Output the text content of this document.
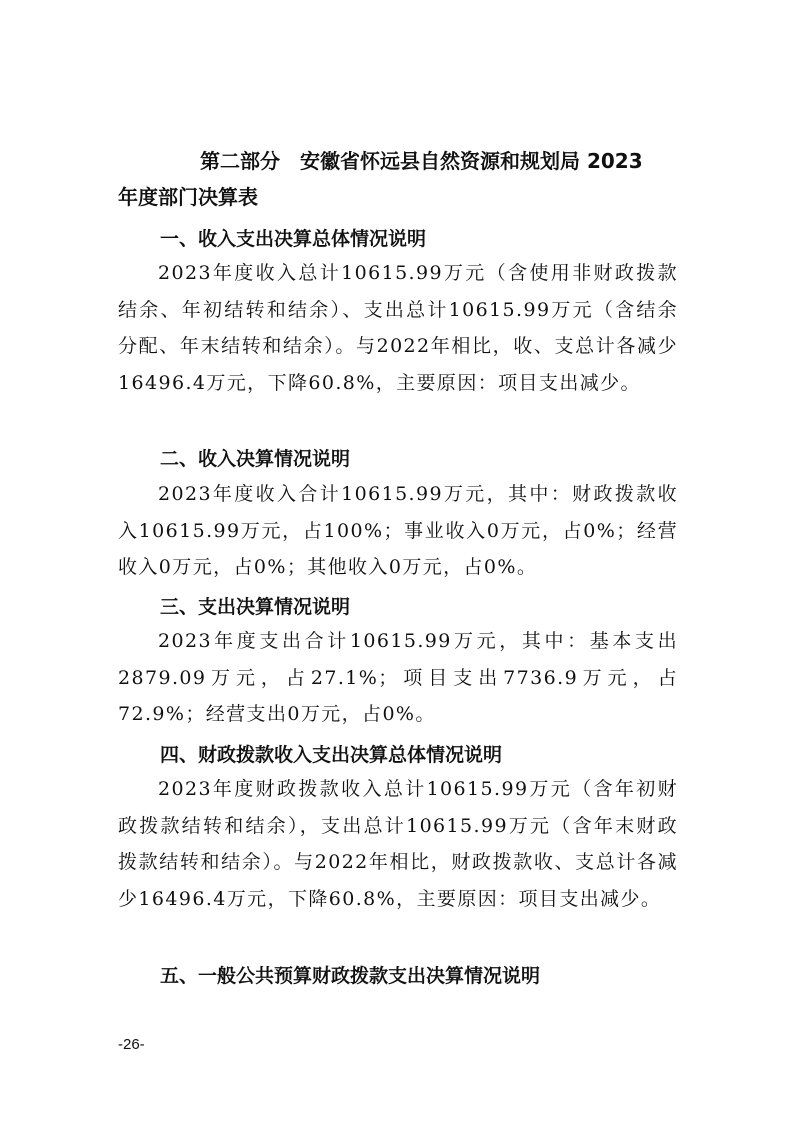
第二部分　安徽省怀远县自然资源和规划局 2023
年度部门决算表
一、收入支出决算总体情况说明

2023年度收入总计10615.99万元（含使用非财政拨款结余、年初结转和结余）、支出总计10615.99万元（含结余分配、年末结转和结余）。与2022年相比，收、支总计各减少16496.4万元，下降60.8%，主要原因：项目支出减少。

二、收入决算情况说明

2023年度收入合计10615.99万元，其中：财政拨款收入10615.99万元，占100%；事业收入0万元，占0%；经营收入0万元，占0%；其他收入0万元，占0%。

三、支出决算情况说明

2023年度支出合计10615.99万元，其中：基本支出2879.09万元，占27.1%；项目支出7736.9万元，占72.9%；经营支出0万元，占0%。

四、财政拨款收入支出决算总体情况说明

2023年度财政拨款收入总计10615.99万元（含年初财政拨款结转和结余），支出总计10615.99万元（含年末财政拨款结转和结余）。与2022年相比，财政拨款收、支总计各减少16496.4万元，下降60.8%，主要原因：项目支出减少。

五、一般公共预算财政拨款支出决算情况说明
-26-
